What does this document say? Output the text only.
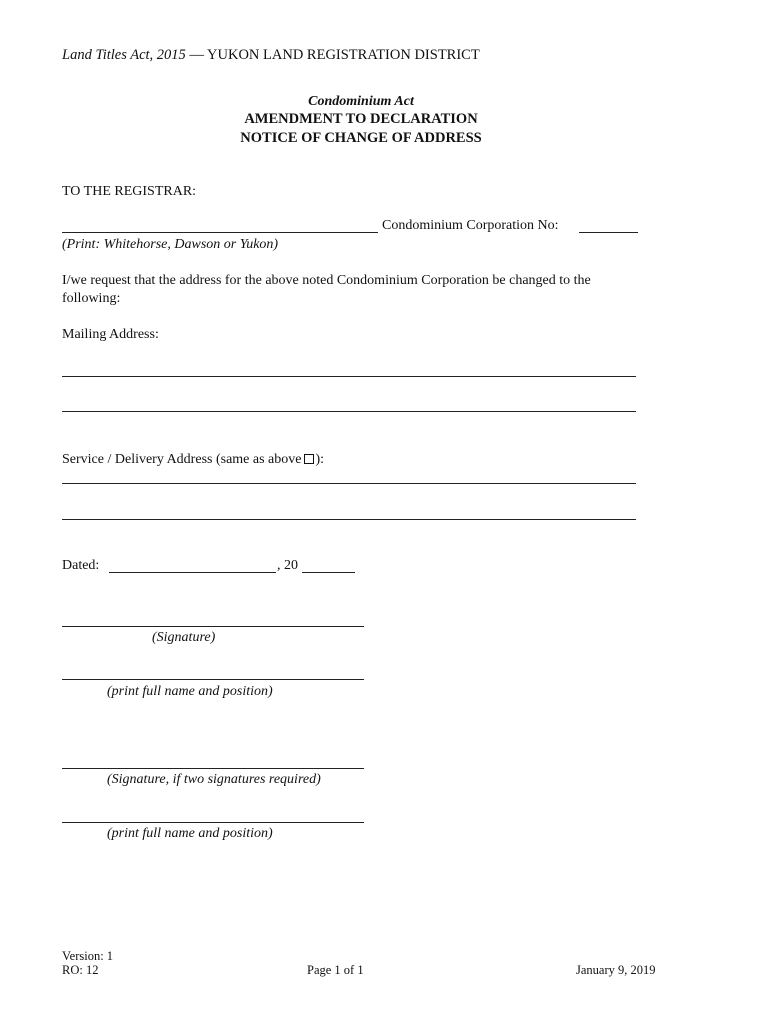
Land Titles Act, 2015 — YUKON LAND REGISTRATION DISTRICT
Condominium Act
AMENDMENT TO DECLARATION
NOTICE OF CHANGE OF ADDRESS
TO THE REGISTRAR:
Condominium Corporation No:
(Print: Whitehorse, Dawson or Yukon)
I/we request that the address for the above noted Condominium Corporation be changed to the following:
Mailing Address:
Service / Delivery Address (same as above ):
Dated:	, 20
(Signature)
(print full name and position)
(Signature, if two signatures required)
(print full name and position)
Version: 1
RO: 12	Page 1 of 1	January 9, 2019
